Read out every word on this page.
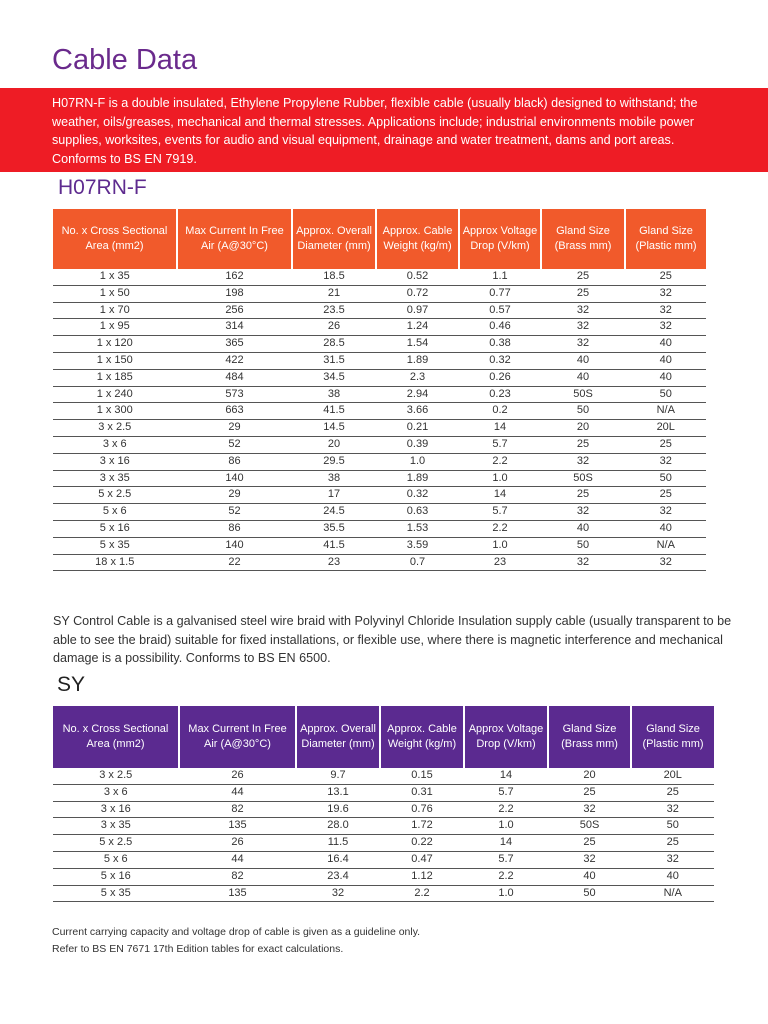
Cable Data

H07RN-F is a double insulated, Ethylene Propylene Rubber, flexible cable (usually black) designed to withstand; the weather, oils/greases, mechanical and thermal stresses. Applications include; industrial environments mobile power supplies, worksites, events for audio and visual equipment, drainage and water treatment, dams and port areas. Conforms to BS EN 7919.

H07RN-F
No. x Cross Sectional Area (mm2)	Max Current In Free Air (A@30°C)	Approx. Overall Diameter (mm)	Approx. Cable Weight (kg/m)	Approx Voltage Drop (V/km)	Gland Size (Brass mm)	Gland Size (Plastic mm)
1 x 35	162	18.5	0.52	1.1	25	25
1 x 50	198	21	0.72	0.77	25	32
1 x 70	256	23.5	0.97	0.57	32	32
1 x 95	314	26	1.24	0.46	32	32
1 x 120	365	28.5	1.54	0.38	32	40
1 x 150	422	31.5	1.89	0.32	40	40
1 x 185	484	34.5	2.3	0.26	40	40
1 x 240	573	38	2.94	0.23	50S	50
1 x 300	663	41.5	3.66	0.2	50	N/A
3 x 2.5	29	14.5	0.21	14	20	20L
3 x 6	52	20	0.39	5.7	25	25
3 x 16	86	29.5	1.0	2.2	32	32
3 x 35	140	38	1.89	1.0	50S	50
5 x 2.5	29	17	0.32	14	25	25
5 x 6	52	24.5	0.63	5.7	32	32
5 x 16	86	35.5	1.53	2.2	40	40
5 x 35	140	41.5	3.59	1.0	50	N/A
18 x 1.5	22	23	0.7	23	32	32

SY Control Cable is a galvanised steel wire braid with Polyvinyl Chloride Insulation supply cable (usually transparent to be able to see the braid) suitable for fixed installations, or flexible use, where there is magnetic interference and mechanical damage is a possibility. Conforms to BS EN 6500.

SY
No. x Cross Sectional Area (mm2)	Max Current In Free Air (A@30°C)	Approx. Overall Diameter (mm)	Approx. Cable Weight (kg/m)	Approx Voltage Drop (V/km)	Gland Size (Brass mm)	Gland Size (Plastic mm)
3 x 2.5	26	9.7	0.15	14	20	20L
3 x 6	44	13.1	0.31	5.7	25	25
3 x 16	82	19.6	0.76	2.2	32	32
3 x 35	135	28.0	1.72	1.0	50S	50
5 x 2.5	26	11.5	0.22	14	25	25
5 x 6	44	16.4	0.47	5.7	32	32
5 x 16	82	23.4	1.12	2.2	40	40
5 x 35	135	32	2.2	1.0	50	N/A
Current carrying capacity and voltage drop of cable is given as a guideline only.
Refer to BS EN 7671 17th Edition tables for exact calculations.
